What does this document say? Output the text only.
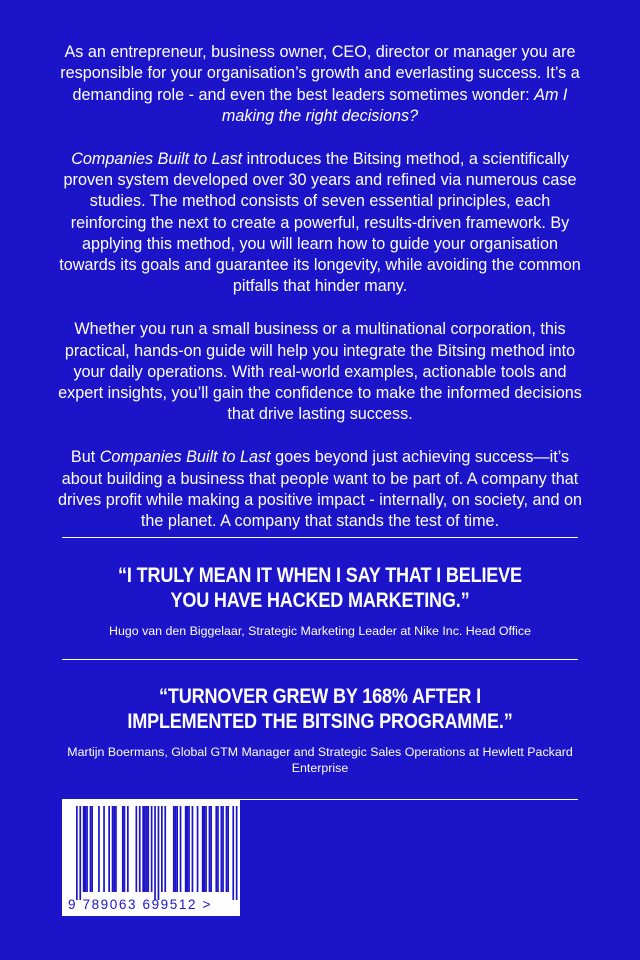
As an entrepreneur, business owner, CEO, director or manager you are responsible for your organisation’s growth and everlasting success. It’s a demanding role - and even the best leaders sometimes wonder: Am I making the right decisions?

Companies Built to Last introduces the Bitsing method, a scientifically proven system developed over 30 years and refined via numerous case studies. The method consists of seven essential principles, each reinforcing the next to create a powerful, results-driven framework. By applying this method, you will learn how to guide your organisation towards its goals and guarantee its longevity, while avoiding the common pitfalls that hinder many.

Whether you run a small business or a multinational corporation, this practical, hands-on guide will help you integrate the Bitsing method into your daily operations. With real-world examples, actionable tools and expert insights, you’ll gain the confidence to make the informed decisions that drive lasting success.

But Companies Built to Last goes beyond just achieving success—it’s about building a business that people want to be part of. A company that drives profit while making a positive impact - internally, on society, and on the planet. A company that stands the test of time.

“I TRULY MEAN IT WHEN I SAY THAT I BELIEVE YOU HAVE HACKED MARKETING.”

Hugo van den Biggelaar, Strategic Marketing Leader at Nike Inc. Head Office

“TURNOVER GREW BY 168% AFTER I IMPLEMENTED THE BITSING PROGRAMME.”

Martijn Boermans, Global GTM Manager and Strategic Sales Operations at Hewlett Packard Enterprise

9 789063 699512 >
